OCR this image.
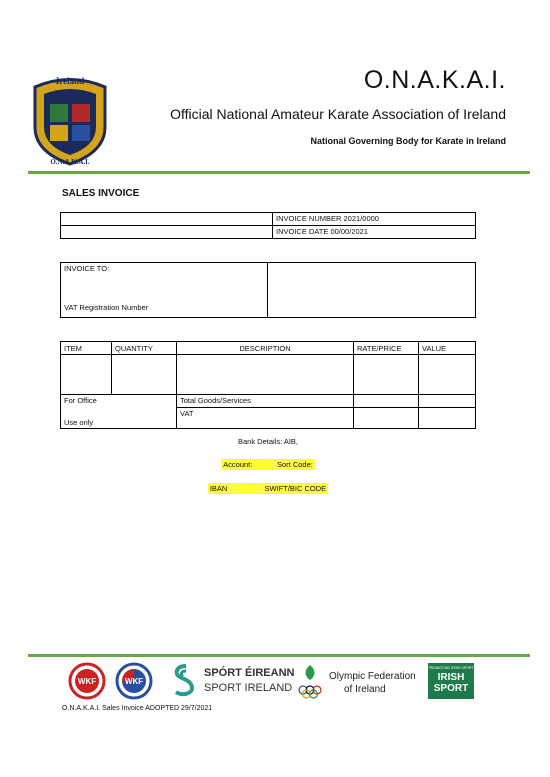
Ireland
O.N.A.K.A.I.
O.N.A.K.A.I.
Official National Amateur Karate Association of Ireland
National Governing Body for Karate in Ireland
SALES INVOICE
	INVOICE NUMBER 2021/0000
	INVOICE DATE 00/00/2021
INVOICE TO:
VAT Registration Number

ITEM	QUANTITY	DESCRIPTION	RATE/PRICE	VALUE

For Office
Use only		Total Goods/Services		
		VAT		
Bank Details: AIB,
Account:	Sort Code:
IBAN	SWIFT/BIC CODE
WKF	WKF
SPÓRT ÉIREANN
SPORT IRELAND
Olympic Federation
of Ireland
PROMOTING IRISH SPORT
IRISH SPORT
O.N.A.K.A.I. Sales Invoice ADOPTED 29/7/2021
